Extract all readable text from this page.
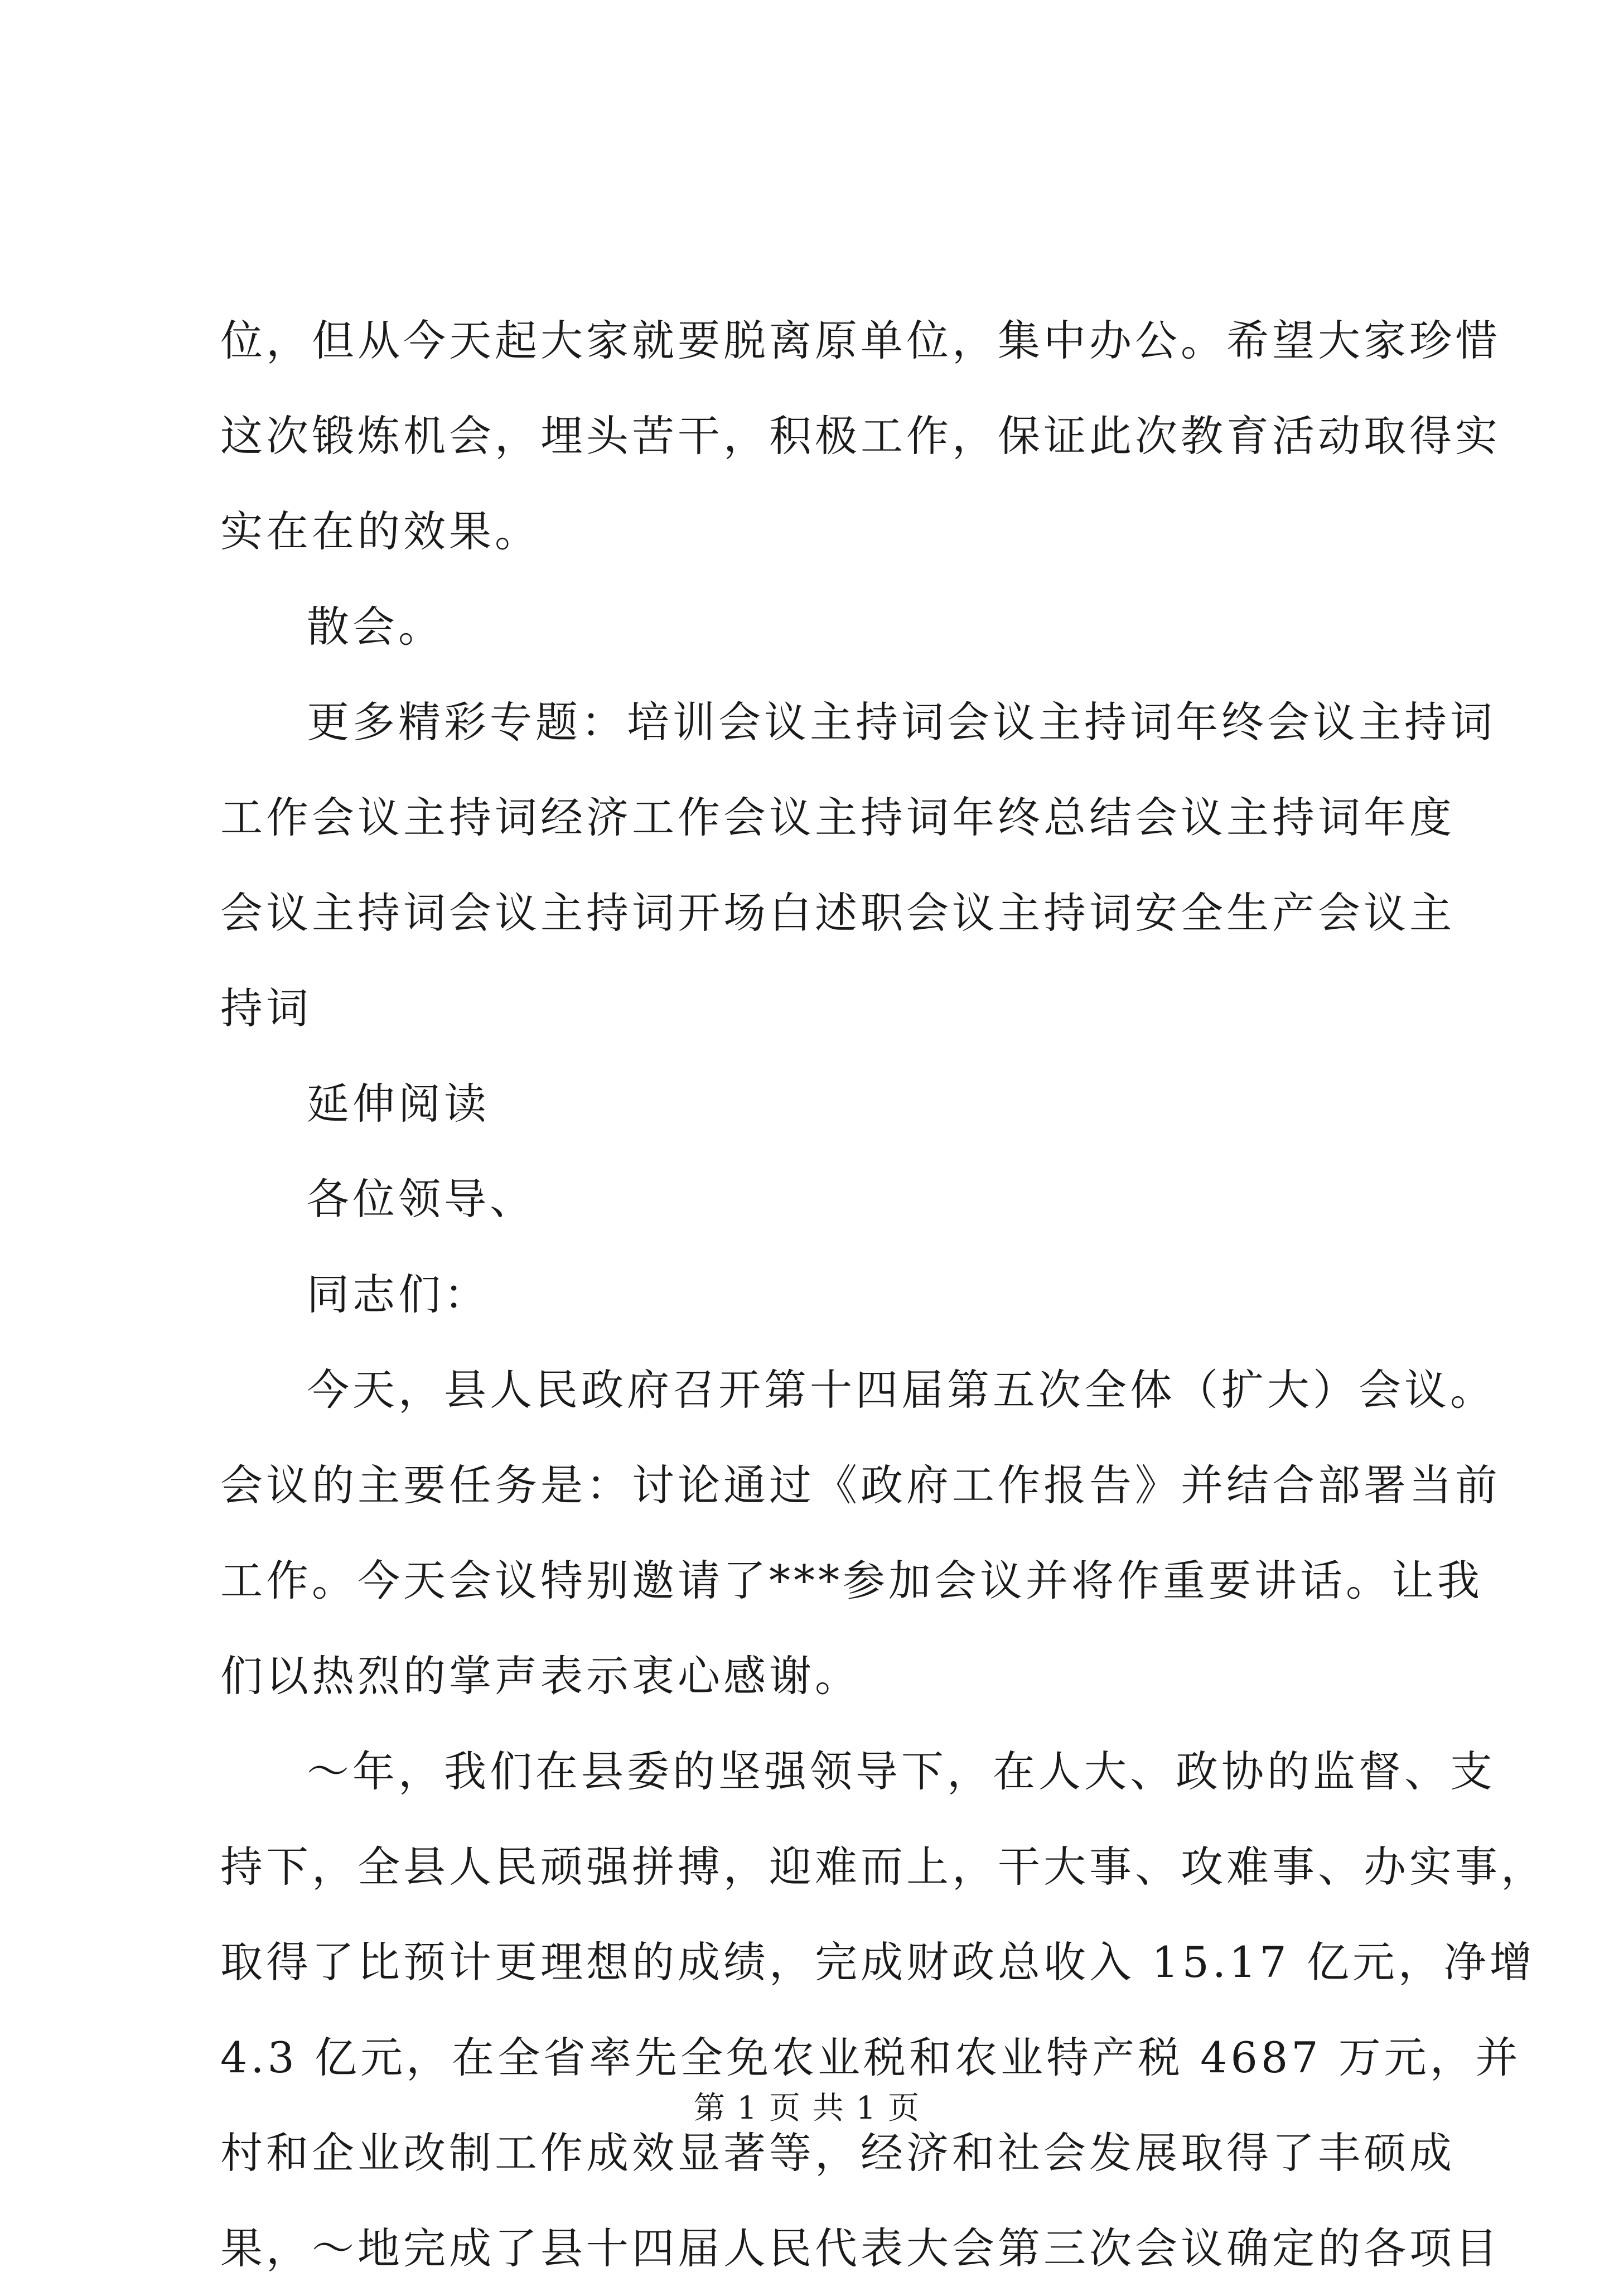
位，但从今天起大家就要脱离原单位，集中办公。希望大家珍惜
这次锻炼机会，埋头苦干，积极工作，保证此次教育活动取得实
实在在的效果。
散会。
更多精彩专题：培训会议主持词会议主持词年终会议主持词
工作会议主持词经济工作会议主持词年终总结会议主持词年度
会议主持词会议主持词开场白述职会议主持词安全生产会议主
持词
延伸阅读
各位领导、
同志们：
今天，县人民政府召开第十四届第五次全体（扩大）会议。
会议的主要任务是：讨论通过《政府工作报告》并结合部署当前
工作。今天会议特别邀请了***参加会议并将作重要讲话。让我
们以热烈的掌声表示衷心感谢。
～年，我们在县委的坚强领导下，在人大、政协的监督、支
持下，全县人民顽强拼搏，迎难而上，干大事、攻难事、办实事，
取得了比预计更理想的成绩，完成财政总收入 15.17 亿元，净增
4.3 亿元，在全省率先全免农业税和农业特产税 4687 万元，并
村和企业改制工作成效显著等，经济和社会发展取得了丰硕成
果，～地完成了县十四届人民代表大会第三次会议确定的各项目
第 1 页 共 1 页
